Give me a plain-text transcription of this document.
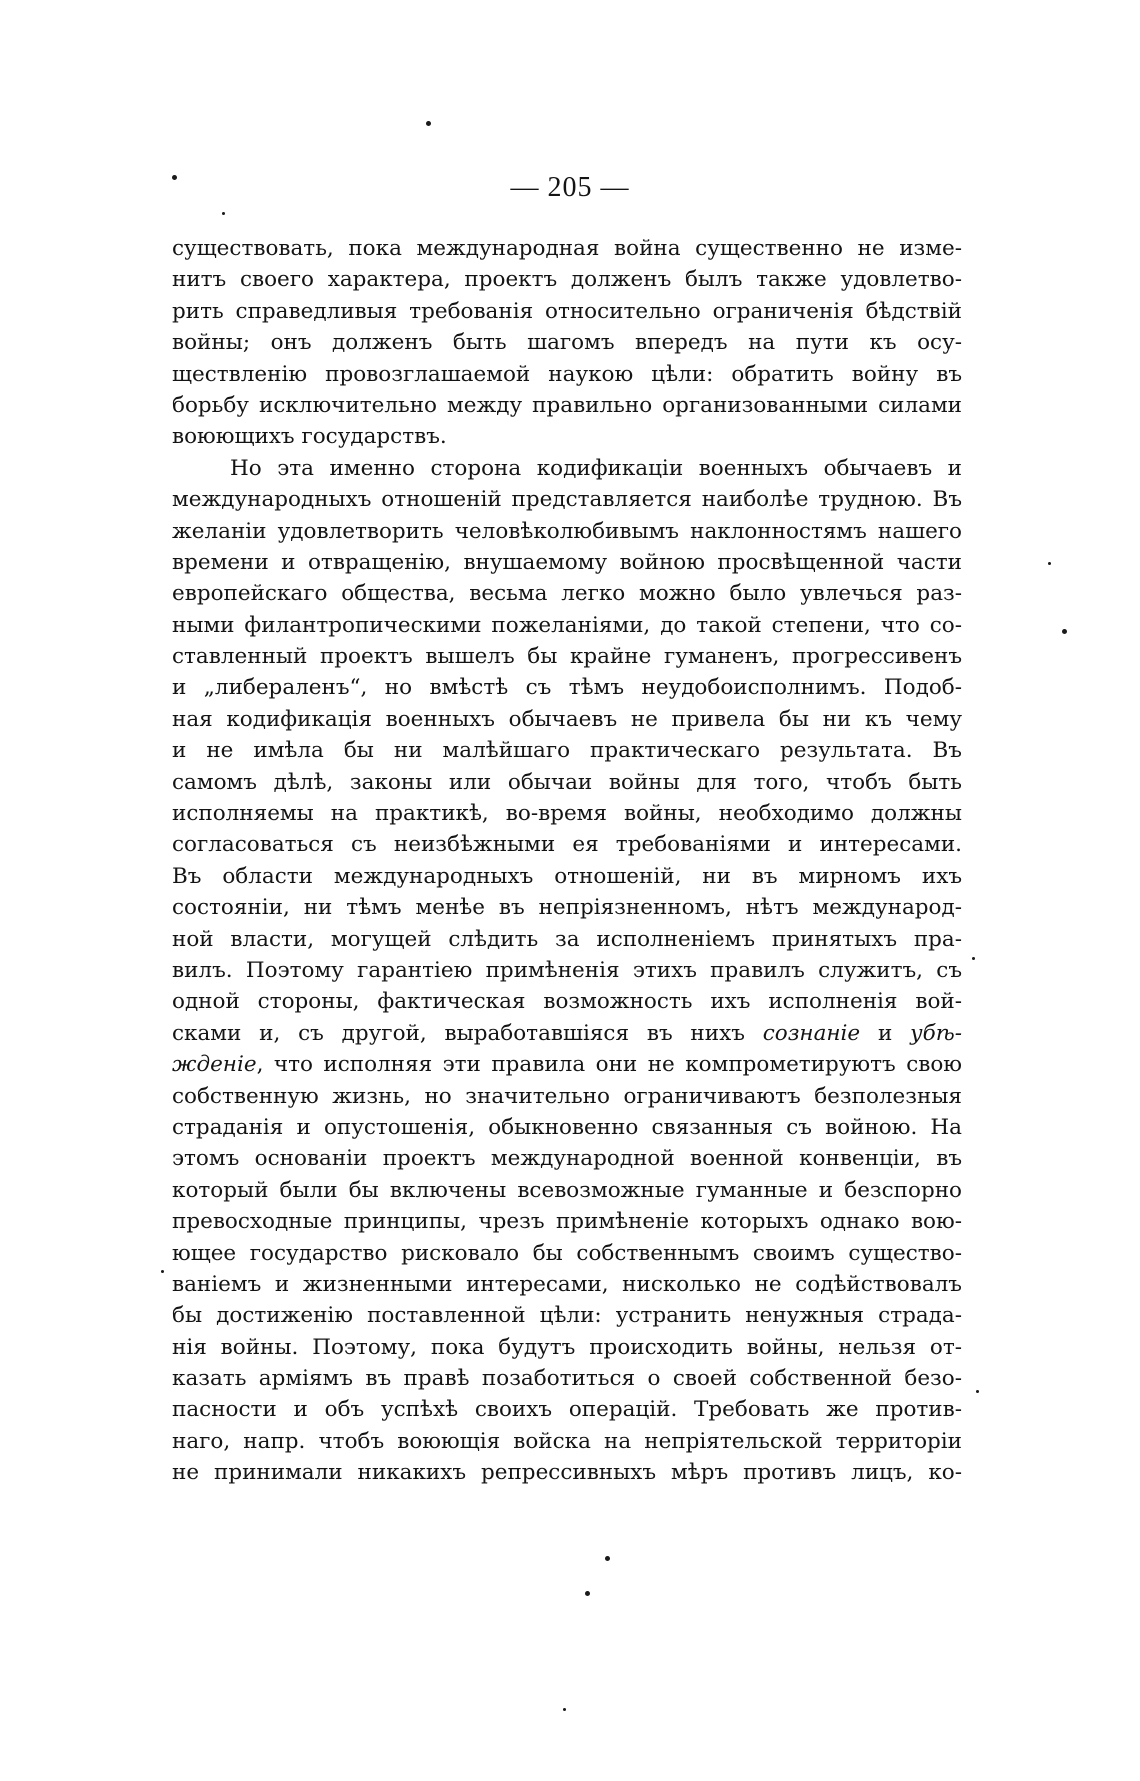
— 205 —
существовать, пока международная война существенно не изме-
нитъ своего характера, проектъ долженъ былъ также удовлетво-
рить справедливыя требованія относительно ограниченія бѣдствій
войны; онъ долженъ быть шагомъ впередъ на пути къ осу-
ществленію провозглашаемой наукою цѣли: обратить войну въ
борьбу исключительно между правильно организованными силами
воюющихъ государствъ.
Но эта именно сторона кодификаціи военныхъ обычаевъ и
международныхъ отношеній представляется наиболѣе трудною. Въ
желаніи удовлетворить человѣколюбивымъ наклонностямъ нашего
времени и отвращенію, внушаемому войною просвѣщенной части
европейскаго общества, весьма легко можно было увлечься раз-
ными филантропическими пожеланіями, до такой степени, что со-
ставленный проектъ вышелъ бы крайне гуманенъ, прогрессивенъ
и „либераленъ“, но вмѣстѣ съ тѣмъ неудобоисполнимъ. Подоб-
ная кодификація военныхъ обычаевъ не привела бы ни къ чему
и не имѣла бы ни малѣйшаго практическаго результата. Въ
самомъ дѣлѣ, законы или обычаи войны для того, чтобъ быть
исполняемы на практикѣ, во-время войны, необходимо должны
согласоваться съ неизбѣжными ея требованіями и интересами.
Въ области международныхъ отношеній, ни въ мирномъ ихъ
состояніи, ни тѣмъ менѣе въ непріязненномъ, нѣтъ международ-
ной власти, могущей слѣдить за исполненіемъ принятыхъ пра-
вилъ. Поэтому гарантіею примѣненія этихъ правилъ служитъ, съ
одной стороны, фактическая возможность ихъ исполненія вой-
сками и, съ другой, выработавшіяся въ нихъ сознаніе и убѣ-
жденіе, что исполняя эти правила они не компрометируютъ свою
собственную жизнь, но значительно ограничиваютъ безполезныя
страданія и опустошенія, обыкновенно связанныя съ войною. На
этомъ основаніи проектъ международной военной конвенціи, въ
который были бы включены всевозможные гуманные и безспорно
превосходные принципы, чрезъ примѣненіе которыхъ однако вою-
ющее государство рисковало бы собственнымъ своимъ существо-
ваніемъ и жизненными интересами, нисколько не содѣйствовалъ
бы достиженію поставленной цѣли: устранить ненужныя страда-
нія войны. Поэтому, пока будутъ происходить войны, нельзя от-
казать арміямъ въ правѣ позаботиться о своей собственной безо-
пасности и объ успѣхѣ своихъ операцій. Требовать же против-
наго, напр. чтобъ воюющія войска на непріятельской территоріи
не принимали никакихъ репрессивныхъ мѣръ противъ лицъ, ко-
